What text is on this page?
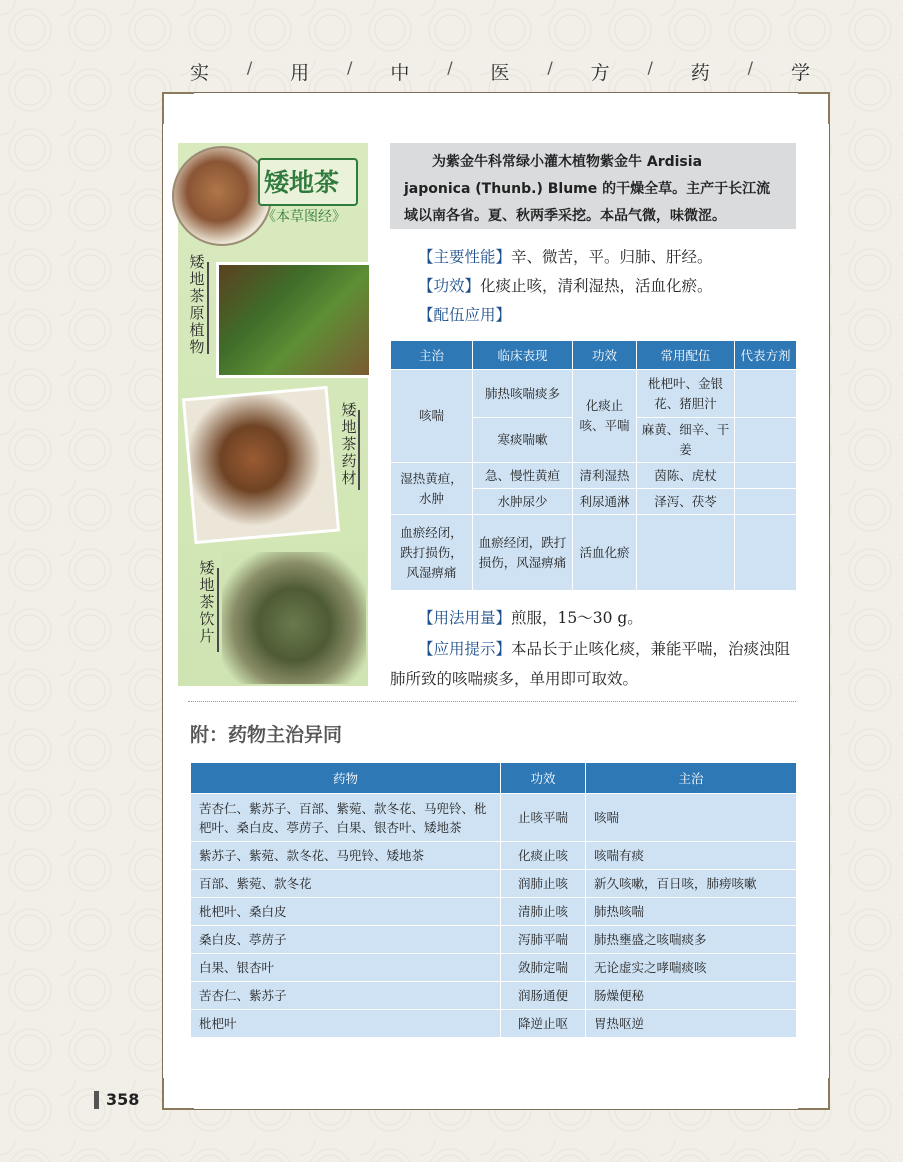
实 / 用 / 中 / 医 / 方 / 药 / 学
矮地茶
《本草图经》
矮地茶原植物
矮地茶药材
矮地茶饮片

为紫金牛科常绿小灌木植物紫金牛 Ardisia

japonica (Thunb.) Blume 的干燥全草。主产于长江流

域以南各省。夏、秋两季采挖。本品气微，味微涩。

【主要性能】辛、微苦，平。归肺、肝经。
【功效】化痰止咳，清利湿热，活血化瘀。
【配伍应用】
主治	临床表现	功效	常用配伍	代表方剂
咳喘	肺热咳喘痰多	化痰止咳、平喘	枇杷叶、金银花、猪胆汁	
	寒痰喘嗽		麻黄、细辛、干姜	
湿热黄疸，水肿	急、慢性黄疸	清利湿热	茵陈、虎杖	
	水肿尿少	利尿通淋	泽泻、茯苓	
血瘀经闭，跌打损伤，风湿痹痛	血瘀经闭，跌打损伤，风湿痹痛	活血化瘀		
【用法用量】煎服，15～30 g。
【应用提示】本品长于止咳化痰，兼能平喘，治痰浊阻肺所致的咳喘痰多，单用即可取效。
附：药物主治异同
药物	功效	主治
苦杏仁、紫苏子、百部、紫菀、款冬花、马兜铃、枇杷叶、桑白皮、葶苈子、白果、银杏叶、矮地茶	止咳平喘	咳喘
紫苏子、紫菀、款冬花、马兜铃、矮地茶	化痰止咳	咳喘有痰
百部、紫菀、款冬花	润肺止咳	新久咳嗽，百日咳，肺痨咳嗽
枇杷叶、桑白皮	清肺止咳	肺热咳喘
桑白皮、葶苈子	泻肺平喘	肺热壅盛之咳喘痰多
白果、银杏叶	敛肺定喘	无论虚实之哮喘痰咳
苦杏仁、紫苏子	润肠通便	肠燥便秘
枇杷叶	降逆止呕	胃热呕逆
358
